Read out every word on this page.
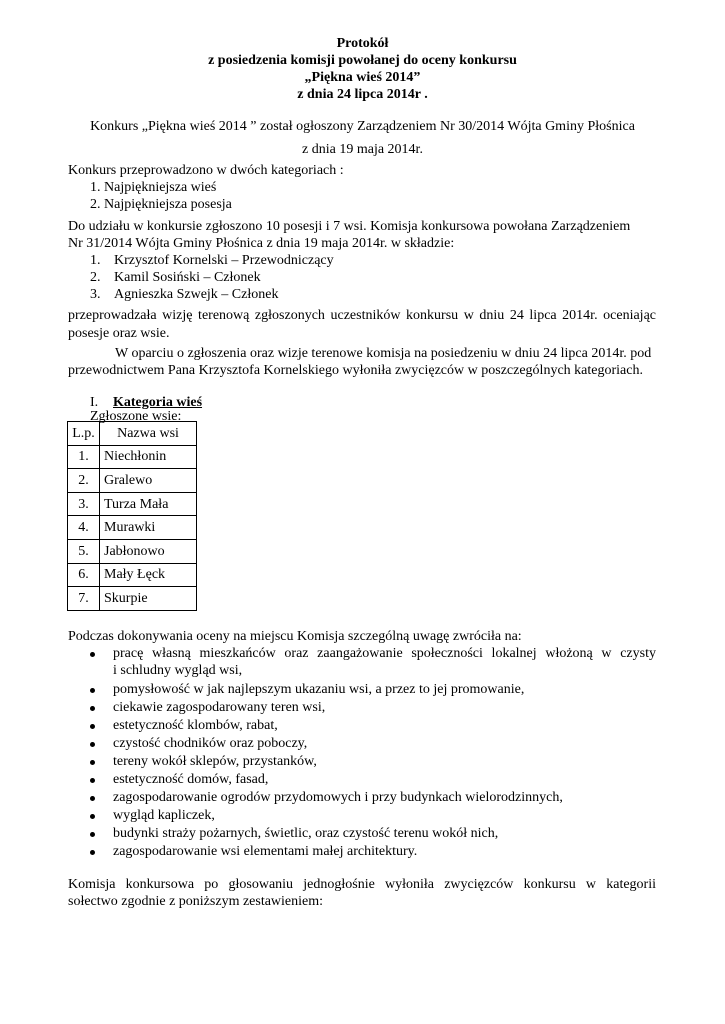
Protokół
z posiedzenia komisji powołanej do oceny konkursu
„Piękna wieś 2014”
z dnia 24 lipca 2014r .
Konkurs „Piękna wieś 2014 ” został ogłoszony Zarządzeniem Nr 30/2014 Wójta Gminy Płośnica
z dnia 19 maja 2014r.
Konkurs przeprowadzono w dwóch kategoriach :
1. Najpiękniejsza wieś
2. Najpiękniejsza posesja
Do udziału w konkursie zgłoszono 10 posesji i 7 wsi. Komisja konkursowa powołana Zarządzeniem
Nr 31/2014 Wójta Gminy Płośnica z dnia 19 maja 2014r. w składzie:
1. Krzysztof Kornelski – Przewodniczący
2. Kamil Sosiński – Członek
3. Agnieszka Szwejk – Członek
przeprowadzała wizję terenową zgłoszonych uczestników konkursu w dniu 24 lipca 2014r. oceniając
posesje oraz wsie.
W oparciu o zgłoszenia oraz wizje terenowe komisja na posiedzeniu w dniu 24 lipca 2014r. pod
przewodnictwem Pana Krzysztofa Kornelskiego wyłoniła zwycięzców w poszczególnych kategoriach.
I. Kategoria wieś
Zgłoszone wsie:
L.p.	Nazwa wsi
1.	Niechłonin
2.	Gralewo
3.	Turza Mała
4.	Murawki
5.	Jabłonowo
6.	Mały Łęck
7.	Skurpie
Podczas dokonywania oceny na miejscu Komisja szczególną uwagę zwróciła na:
pracę własną mieszkańców oraz zaangażowanie społeczności lokalnej włożoną w czysty
i schludny wygląd wsi,
pomysłowość w jak najlepszym ukazaniu wsi, a przez to jej promowanie,
ciekawie zagospodarowany teren wsi,
estetyczność klombów, rabat,
czystość chodników oraz poboczy,
tereny wokół sklepów, przystanków,
estetyczność domów, fasad,
zagospodarowanie ogrodów przydomowych i przy budynkach wielorodzinnych,
wygląd kapliczek,
budynki straży pożarnych, świetlic, oraz czystość terenu wokół nich,
zagospodarowanie wsi elementami małej architektury.
Komisja konkursowa po głosowaniu jednogłośnie wyłoniła zwycięzców konkursu w kategorii
sołectwo zgodnie z poniższym zestawieniem:
